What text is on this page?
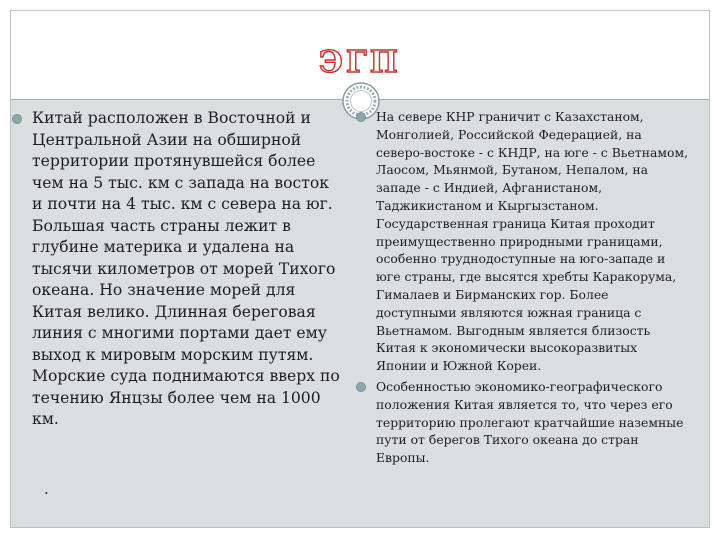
ЭГП

Китай расположен в Восточной и Центральной Азии на обширной территории протянувшейся более чем на 5 тыс. км с запада на восток и почти на 4 тыс. км с севера на юг. Большая часть страны лежит в глубине материка и удалена на тысячи километров от морей Тихого океана. Но значение морей для Китая велико. Длинная береговая линия с многими портами дает ему выход к мировым морским путям. Морские суда поднимаются вверх по течению Янцзы более чем на 1000 км.

.

На севере КНР граничит с Казахстаном, Монголией, Российской Федерацией, на северо-востоке - с КНДР, на юге - с Вьетнамом, Лаосом, Мьянмой, Бутаном, Непалом, на западе - с Индией, Афганистаном, Таджикистаном и Кыргызстаном. Государственная граница Китая проходит преимущественно природными границами, особенно труднодоступные на юго-западе и юге страны, где высятся хребты Каракорума, Гималаев и Бирманских гор. Более доступными являются южная граница с Вьетнамом. Выгодным является близость Китая к экономически высокоразвитых Японии и Южной Кореи.

Особенностью экономико-географического положения Китая является то, что через его территорию пролегают кратчайшие наземные пути от берегов Тихого океана до стран Европы.
